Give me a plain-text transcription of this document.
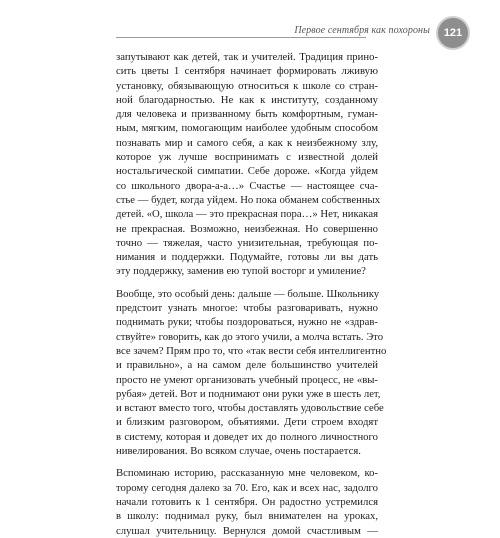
Первое сентября как похороны 121

запутывают как детей, так и учителей. Традиция прино-
сить цветы 1 сентября начинает формировать лживую
установку, обязывающую относиться к школе со стран-
ной благодарностью. Не как к институту, созданному
для человека и призванному быть комфортным, гуман-
ным, мягким, помогающим наиболее удобным способом
познавать мир и самого себя, а как к неизбежному злу,
которое уж лучше воспринимать с известной долей
ностальгической симпатии. Себе дороже. «Когда уйдем
со школьного двора-а-а…» Счастье — настоящее сча-
стье — будет, когда уйдем. Но пока обманем собственных
детей. «О, школа — это прекрасная пора…» Нет, никакая
не прекрасная. Возможно, неизбежная. Но совершенно
точно — тяжелая, часто унизительная, требующая по-
нимания и поддержки. Подумайте, готовы ли вы дать
эту поддержку, заменив ею тупой восторг и умиление?

Вообще, это особый день: дальше — больше. Школьнику
предстоит узнать многое: чтобы разговаривать, нужно
поднимать руки; чтобы поздороваться, нужно не «здрав-
ствуйте» говорить, как до этого учили, а молча встать. Это
все зачем? Прям про то, что «так вести себя интеллигентно
и правильно», а на самом деле большинство учителей
просто не умеют организовать учебный процесс, не «вы-
рубая» детей. Вот и поднимают они руки уже в шесть лет,
и встают вместо того, чтобы доставлять удовольствие себе
и близким разговором, объятиями. Дети строем входят
в систему, которая и доведет их до полного личностного
нивелирования. Во всяком случае, очень постарается.

Вспоминаю историю, рассказанную мне человеком, ко-
торому сегодня далеко за 70. Его, как и всех нас, задолго
начали готовить к 1 сентября. Он радостно устремился
в школу: поднимал руку, был внимателен на уроках,
слушал учительницу. Вернулся домой счастливым —
